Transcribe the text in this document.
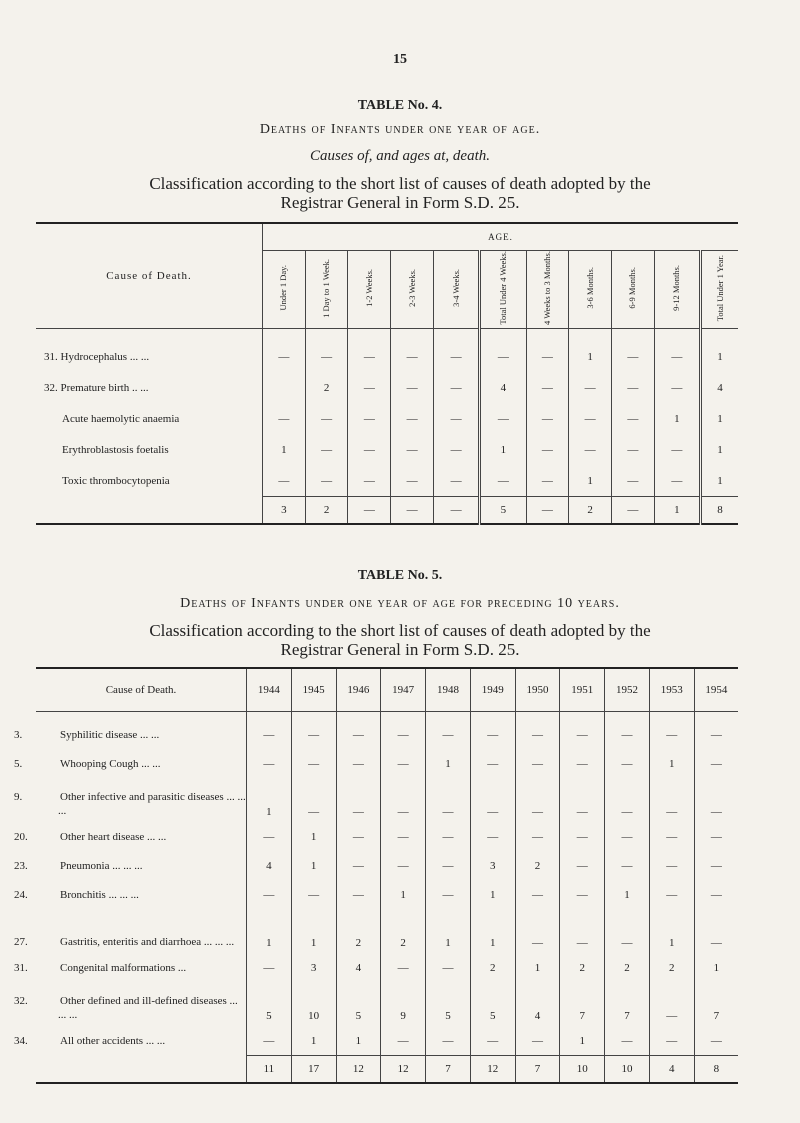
15
TABLE No. 4.
Deaths of Infants under one year of age.
Causes of, and ages at, death.
Classification according to the short list of causes of death adopted by the
Registrar General in Form S.D. 25.
Cause of Death.	AGE.										
	Under 1 Day.	1 Day to 1 Week.	1-2 Weeks.	2-3 Weeks.	3-4 Weeks.	Total Under 4 Weeks.	4 Weeks to 3 Months.	3-6 Months.	6-9 Months.	9-12 Months.	Total Under 1 Year.

31. Hydrocephalus ... ...	—	—	—	—	—	—	—	1	—	—	1
32. Premature birth .. ...		2	—	—	—	4	—	—	—	—	4
Acute haemolytic anaemia	—	—	—	—	—	—	—	—	—	1	1
Erythroblastosis foetalis	1	—	—	—	—	1	—	—	—	—	1
Toxic thrombocytopenia	—	—	—	—	—	—	—	1	—	—	1
	3	2	—	—	—	5	—	2	—	1	8
TABLE No. 5.
Deaths of Infants under one year of age for preceding 10 years.
Classification according to the short list of causes of death adopted by the
Registrar General in Form S.D. 25.
Cause of Death.	1944	1945	1946	1947	1948	1949	1950	1951	1952	1953	1954

3. Syphilitic disease ... ...	—	—	—	—	—	—	—	—	—	—	—

5. Whooping Cough ... ...	—	—	—	—	1	—	—	—	—	1	—

9. Other infective and parasitic diseases ... ... ...	1	—	—	—	—	—	—	—	—	—	—

20. Other heart disease ... ...	—	1	—	—	—	—	—	—	—	—	—

23. Pneumonia ... ... ...	4	1	—	—	—	3	2	—	—	—	—

24. Bronchitis ... ... ...	—	—	—	1	—	1	—	—	1	—	—

27. Gastritis, enteritis and diarrhoea ... ... ...	1	1	2	2	1	1	—	—	—	1	—

31. Congenital malformations ...	—	3	4	—	—	2	1	2	2	2	1

32. Other defined and ill-defined diseases ... ... ...	5	10	5	9	5	5	4	7	7	—	7

34. All other accidents ... ...	—	1	1	—	—	—	—	1	—	—	—
	11	17	12	12	7	12	7	10	10	4	8
